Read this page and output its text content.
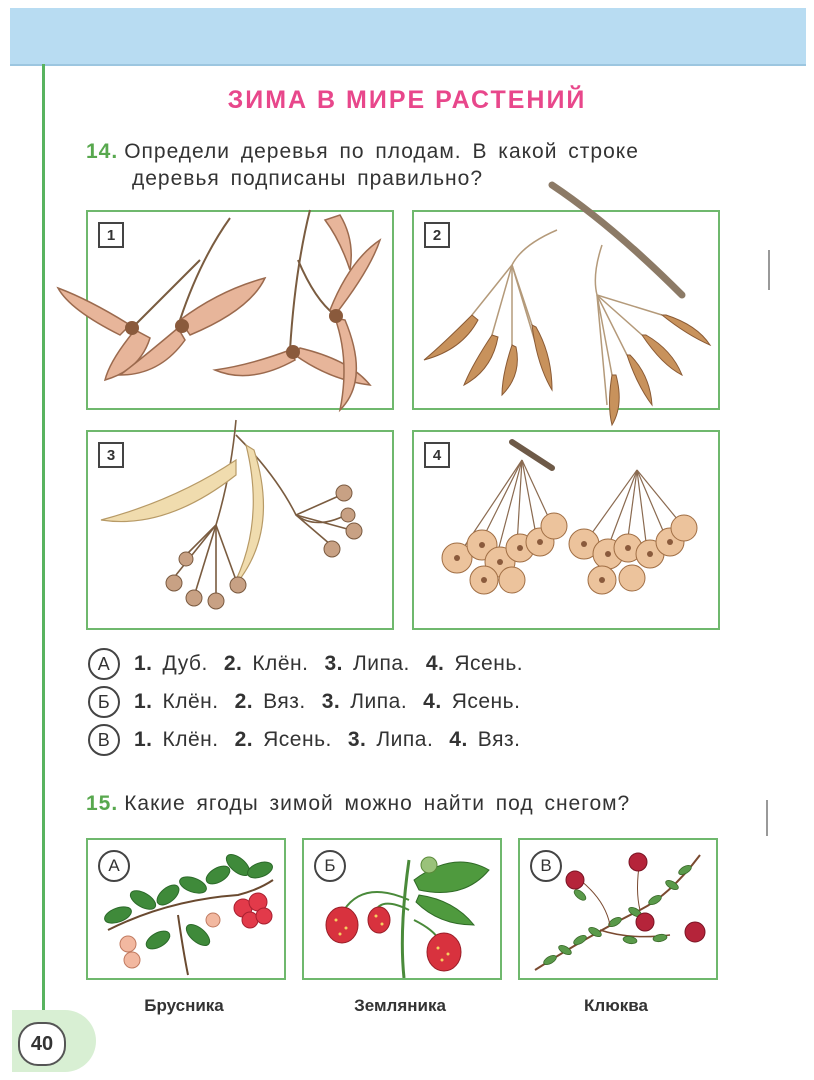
40
ЗИМА В МИРЕ РАСТЕНИЙ
14. Определи деревья по плодам. В какой строке
деревья подписаны правильно?
1	2
3	4
А	1. Дуб. 2. Клён. 3. Липа. 4. Ясень.
Б	1. Клён. 2. Вяз. 3. Липа. 4. Ясень.
В	1. Клён. 2. Ясень. 3. Липа. 4. Вяз.
15. Какие ягоды зимой можно найти под снегом?
А
Брусника
Б
Земляника
В
Клюква
